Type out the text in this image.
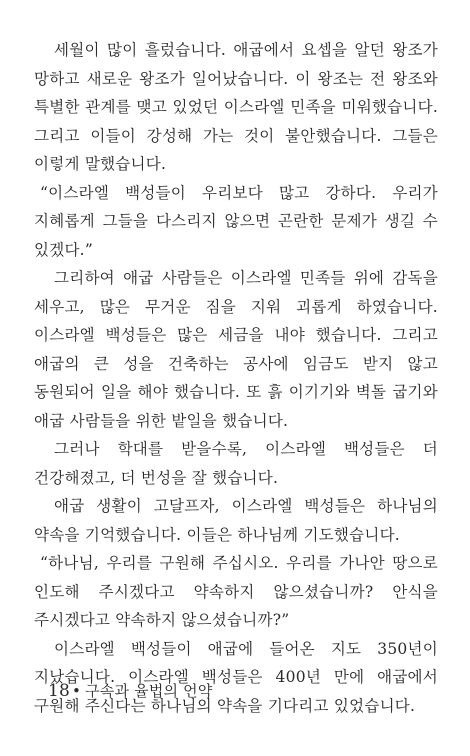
세월이 많이 흘렀습니다. 애굽에서 요셉을 알던 왕조가 망하고 새로운 왕조가 일어났습니다. 이 왕조는 전 왕조와 특별한 관계를 맺고 있었던 이스라엘 민족을 미워했습니다. 그리고 이들이 강성해 가는 것이 불안했습니다. 그들은 이렇게 말했습니다.

“이스라엘 백성들이 우리보다 많고 강하다. 우리가 지혜롭게 그들을 다스리지 않으면 곤란한 문제가 생길 수 있겠다.”

그리하여 애굽 사람들은 이스라엘 민족들 위에 감독을 세우고, 많은 무거운 짐을 지워 괴롭게 하였습니다. 이스라엘 백성들은 많은 세금을 내야 했습니다. 그리고 애굽의 큰 성을 건축하는 공사에 임금도 받지 않고 동원되어 일을 해야 했습니다. 또 흙 이기기와 벽돌 굽기와 애굽 사람들을 위한 밭일을 했습니다.

그러나 학대를 받을수록, 이스라엘 백성들은 더 건강해졌고, 더 번성을 잘 했습니다.

애굽 생활이 고달프자, 이스라엘 백성들은 하나님의 약속을 기억했습니다. 이들은 하나님께 기도했습니다.

“하나님, 우리를 구원해 주십시오. 우리를 가나안 땅으로 인도해 주시겠다고 약속하지 않으셨습니까? 안식을 주시겠다고 약속하지 않으셨습니까?”

이스라엘 백성들이 애굽에 들어온 지도 350년이 지났습니다. 이스라엘 백성들은 400년 만에 애굽에서 구원해 주신다는 하나님의 약속을 기다리고 있었습니다.

18 • 구속과 율법의 언약
